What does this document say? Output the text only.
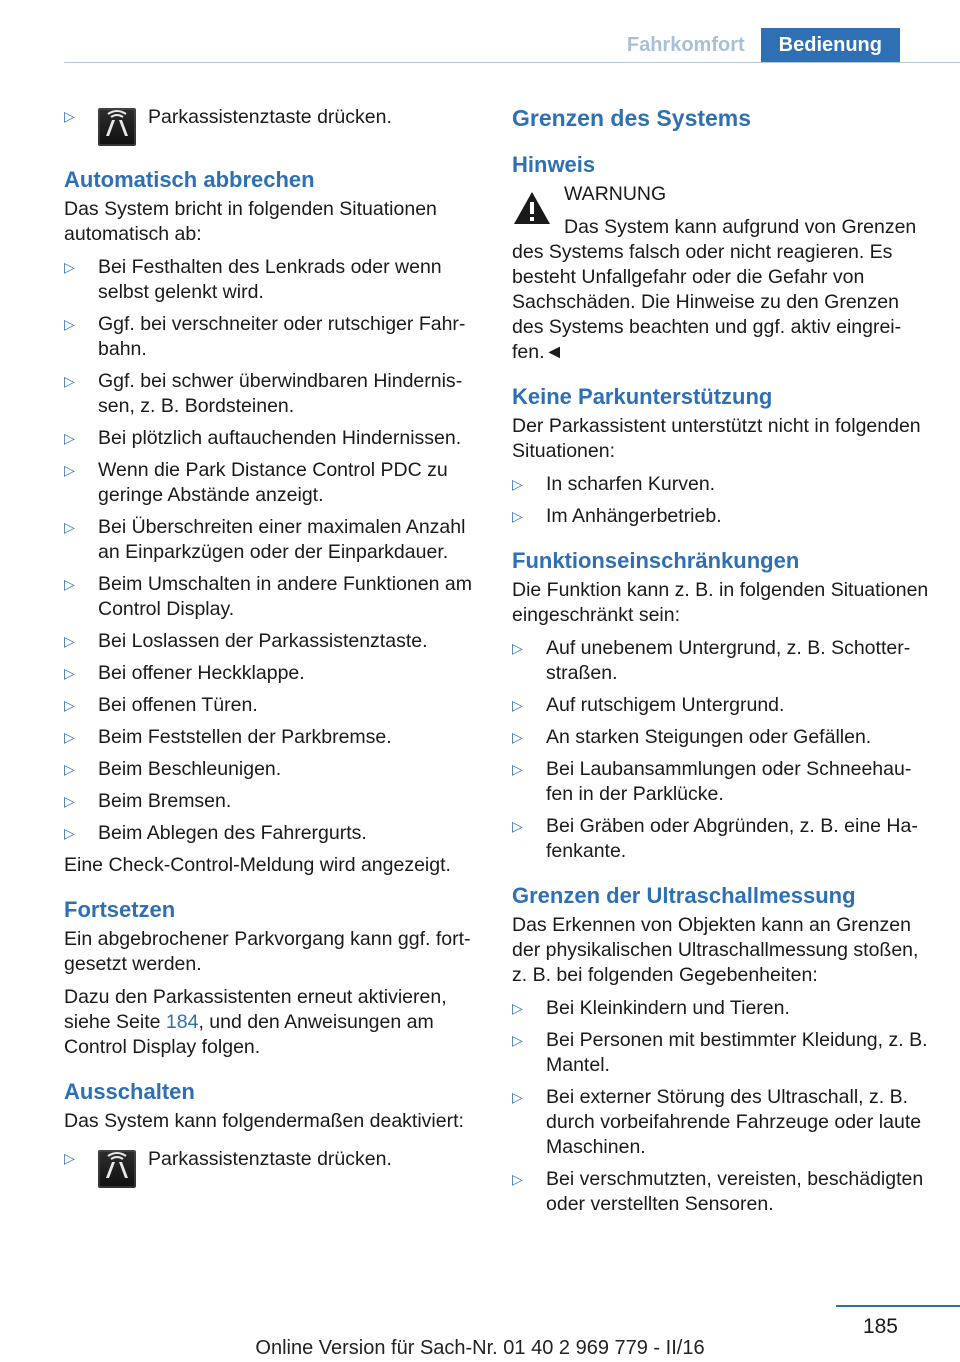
Fahrkomfort	Bedienung
▷	Parkassistenztaste drücken.
Automatisch abbrechen
Das System bricht in folgenden Situationen automatisch ab:
▷ Bei Festhalten des Lenkrads oder wenn selbst gelenkt wird.
▷ Ggf. bei verschneiter oder rutschiger Fahrbahn.
▷ Ggf. bei schwer überwindbaren Hindernissen, z. B. Bordsteinen.
▷ Bei plötzlich auftauchenden Hindernissen.
▷ Wenn die Park Distance Control PDC zu geringe Abstände anzeigt.
▷ Bei Überschreiten einer maximalen Anzahl an Einparkzügen oder der Einparkdauer.
▷ Beim Umschalten in andere Funktionen am Control Display.
▷ Bei Loslassen der Parkassistenztaste.
▷ Bei offener Heckklappe.
▷ Bei offenen Türen.
▷ Beim Feststellen der Parkbremse.
▷ Beim Beschleunigen.
▷ Beim Bremsen.
▷ Beim Ablegen des Fahrergurts.
Eine Check-Control-Meldung wird angezeigt.
Fortsetzen
Ein abgebrochener Parkvorgang kann ggf. fortgesetzt werden.
Dazu den Parkassistenten erneut aktivieren, siehe Seite 184, und den Anweisungen am Control Display folgen.
Ausschalten
Das System kann folgendermaßen deaktiviert:
▷	Parkassistenztaste drücken.
Grenzen des Systems
Hinweis
WARNUNG
Das System kann aufgrund von Grenzen des Systems falsch oder nicht reagieren. Es besteht Unfallgefahr oder die Gefahr von Sachschäden. Die Hinweise zu den Grenzen des Systems beachten und ggf. aktiv eingreifen.◄
Keine Parkunterstützung
Der Parkassistent unterstützt nicht in folgenden Situationen:
▷ In scharfen Kurven.
▷ Im Anhängerbetrieb.
Funktionseinschränkungen
Die Funktion kann z. B. in folgenden Situationen eingeschränkt sein:
▷ Auf unebenem Untergrund, z. B. Schotterstraßen.
▷ Auf rutschigem Untergrund.
▷ An starken Steigungen oder Gefällen.
▷ Bei Laubansammlungen oder Schneehaufen in der Parklücke.
▷ Bei Gräben oder Abgründen, z. B. eine Hafenkante.
Grenzen der Ultraschallmessung
Das Erkennen von Objekten kann an Grenzen der physikalischen Ultraschallmessung stoßen, z. B. bei folgenden Gegebenheiten:
▷ Bei Kleinkindern und Tieren.
▷ Bei Personen mit bestimmter Kleidung, z. B. Mantel.
▷ Bei externer Störung des Ultraschall, z. B. durch vorbeifahrende Fahrzeuge oder laute Maschinen.
▷ Bei verschmutzten, vereisten, beschädigten oder verstellten Sensoren.
185
Online Version für Sach-Nr. 01 40 2 969 779 - II/16
